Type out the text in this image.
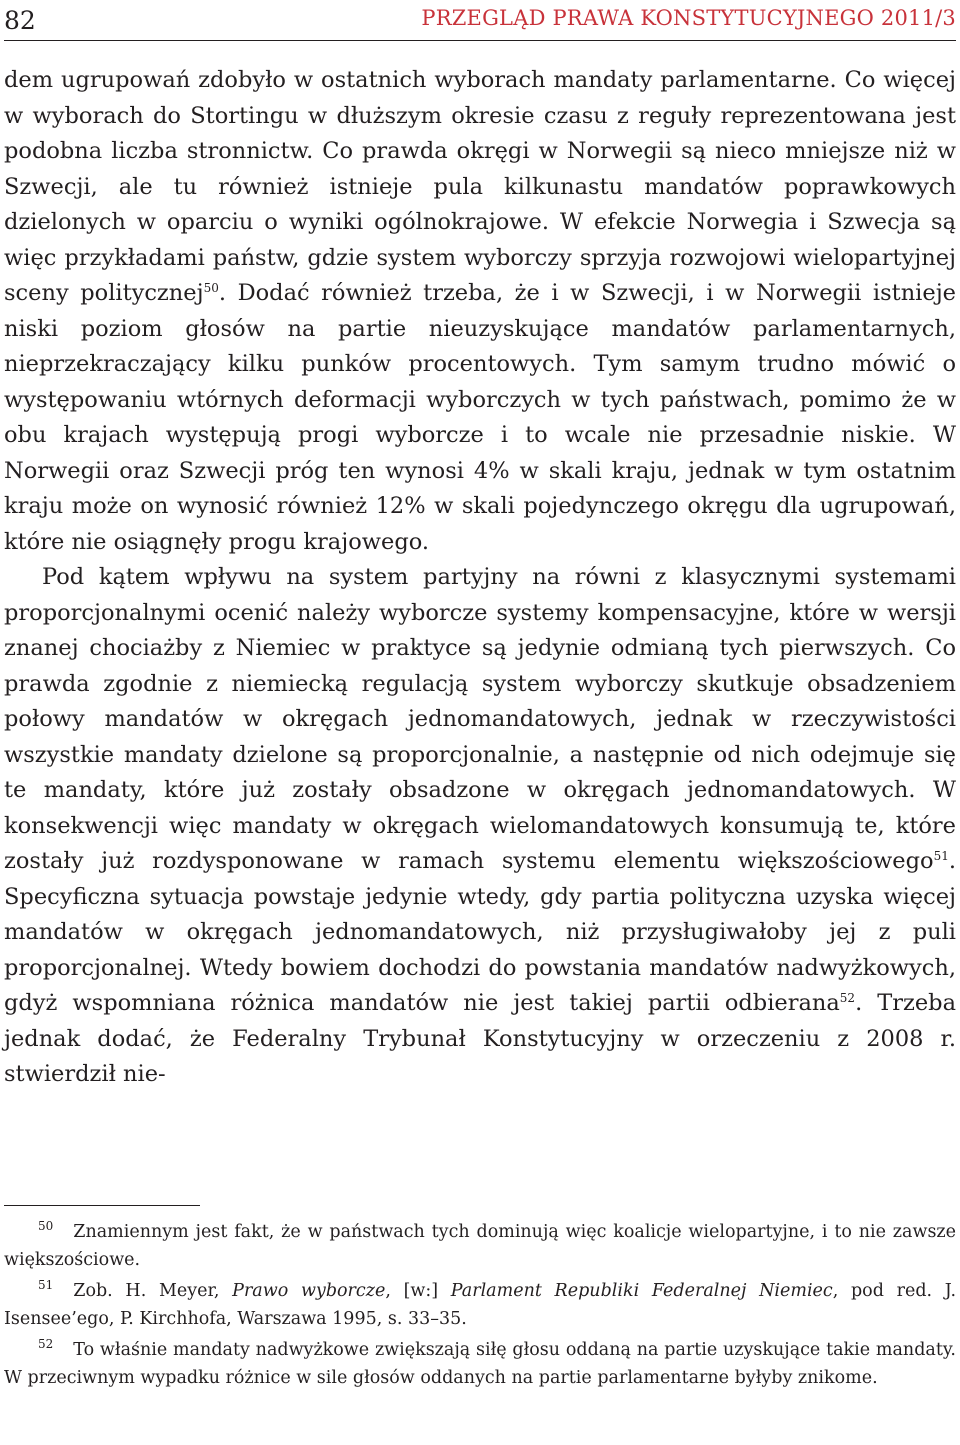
82	PRZEGLĄD PRAWA KONSTYTUCYJNEGO 2011/3

dem ugrupowań zdobyło w ostatnich wyborach mandaty parlamentarne. Co więcej w wyborach do Stortingu w dłuższym okresie czasu z reguły reprezentowana jest podobna liczba stronnictw. Co prawda okręgi w Norwegii są nieco mniejsze niż w Szwecji, ale tu również istnieje pula kilkunastu mandatów poprawkowych dzielonych w oparciu o wyniki ogólnokrajowe. W efekcie Norwegia i Szwecja są więc przykładami państw, gdzie system wyborczy sprzyja rozwojowi wielopartyjnej sceny politycznej$^{50}$. Dodać również trzeba, że i w Szwecji, i w Norwegii istnieje niski poziom głosów na partie nieuzyskujące mandatów parlamentarnych, nieprzekraczający kilku punków procentowych. Tym samym trudno mówić o występowaniu wtórnych deformacji wyborczych w tych państwach, pomimo że w obu krajach występują progi wyborcze i to wcale nie przesadnie niskie. W Norwegii oraz Szwecji próg ten wynosi 4% w skali kraju, jednak w tym ostatnim kraju może on wynosić również 12% w skali pojedynczego okręgu dla ugrupowań, które nie osiągnęły progu krajowego.

Pod kątem wpływu na system partyjny na równi z klasycznymi systemami proporcjonalnymi ocenić należy wyborcze systemy kompensacyjne, które w wersji znanej chociażby z Niemiec w praktyce są jedynie odmianą tych pierwszych. Co prawda zgodnie z niemiecką regulacją system wyborczy skutkuje obsadzeniem połowy mandatów w okręgach jednomandatowych, jednak w rzeczywistości wszystkie mandaty dzielone są proporcjonalnie, a następnie od nich odejmuje się te mandaty, które już zostały obsadzone w okręgach jednomandatowych. W konsekwencji więc mandaty w okręgach wielomandatowych konsumują te, które zostały już rozdysponowane w ramach systemu elementu większościowego$^{51}$. Specyficzna sytuacja powstaje jedynie wtedy, gdy partia polityczna uzyska więcej mandatów w okręgach jednomandatowych, niż przysługiwałoby jej z puli proporcjonalnej. Wtedy bowiem dochodzi do powstania mandatów nadwyżkowych, gdyż wspomniana różnica mandatów nie jest takiej partii odbierana$^{52}$. Trzeba jednak dodać, że Federalny Trybunał Konstytucyjny w orzeczeniu z 2008 r. stwierdził nie-

$^{50}$ Znamiennym jest fakt, że w państwach tych dominują więc koalicje wielopartyjne, i to nie zawsze większościowe.

$^{51}$ Zob. H. Meyer, Prawo wyborcze, [w:] Parlament Republiki Federalnej Niemiec, pod red. J. Isensee’ego, P. Kirchhofa, Warszawa 1995, s. 33–35.

$^{52}$ To właśnie mandaty nadwyżkowe zwiększają siłę głosu oddaną na partie uzyskujące takie mandaty. W przeciwnym wypadku różnice w sile głosów oddanych na partie parlamentarne byłyby znikome.
